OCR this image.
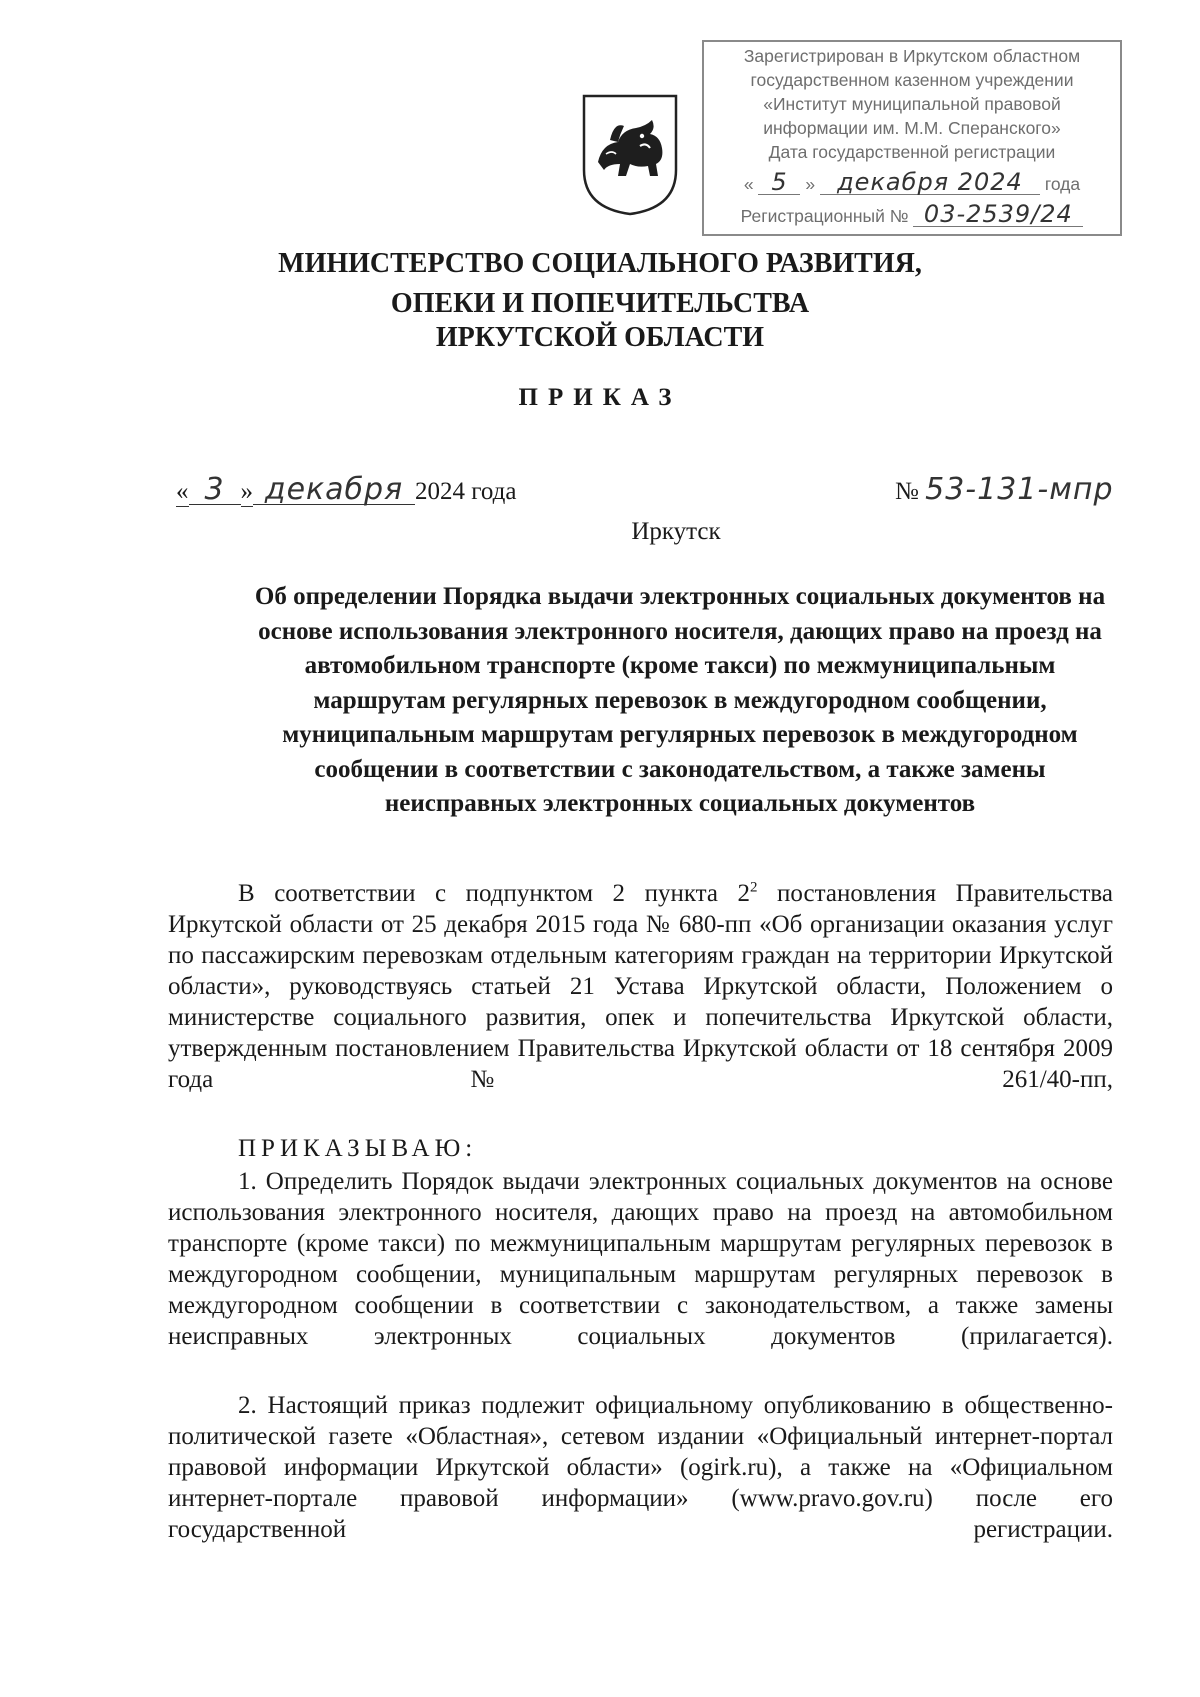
Зарегистрирован в Иркутском областном
государственном казенном учреждении
«Институт муниципальной правовой
информации им. М.М. Сперанского»
Дата государственной регистрации
« 5 » декабря 2024 года
Регистрационный № 03-2539/24
МИНИСТЕРСТВО СОЦИАЛЬНОГО РАЗВИТИЯ,
ОПЕКИ И ПОПЕЧИТЕЛЬСТВА
ИРКУТСКОЙ ОБЛАСТИ
ПРИКАЗ
« 3 » декабря 2024 года	№ 53-131-мпр
Иркутск
Об определении Порядка выдачи электронных социальных документов на основе использования электронного носителя, дающих право на проезд на автомобильном транспорте (кроме такси) по межмуниципальным маршрутам регулярных перевозок в междугородном сообщении, муниципальным маршрутам регулярных перевозок в междугородном сообщении в соответствии с законодательством, а также замены неисправных электронных социальных документов
В соответствии с подпунктом 2 пункта $2^2$ постановления Правительства Иркутской области от 25 декабря 2015 года № 680-пп «Об организации оказания услуг по пассажирским перевозкам отдельным категориям граждан на территории Иркутской области», руководствуясь статьей 21 Устава Иркутской области, Положением о министерстве социального развития, опек и попечительства Иркутской области, утвержденным постановлением Правительства Иркутской области от 18 сентября 2009 года № 261/40-пп,
ПРИКАЗЫВАЮ:
1. Определить Порядок выдачи электронных социальных документов на основе использования электронного носителя, дающих право на проезд на автомобильном транспорте (кроме такси) по межмуниципальным маршрутам регулярных перевозок в междугородном сообщении, муниципальным маршрутам регулярных перевозок в междугородном сообщении в соответствии с законодательством, а также замены неисправных электронных социальных документов (прилагается).
2. Настоящий приказ подлежит официальному опубликованию в общественно-политической газете «Областная», сетевом издании «Официальный интернет-портал правовой информации Иркутской области» (ogirk.ru), а также на «Официальном интернет-портале правовой информации» (www.pravo.gov.ru) после его государственной регистрации.
